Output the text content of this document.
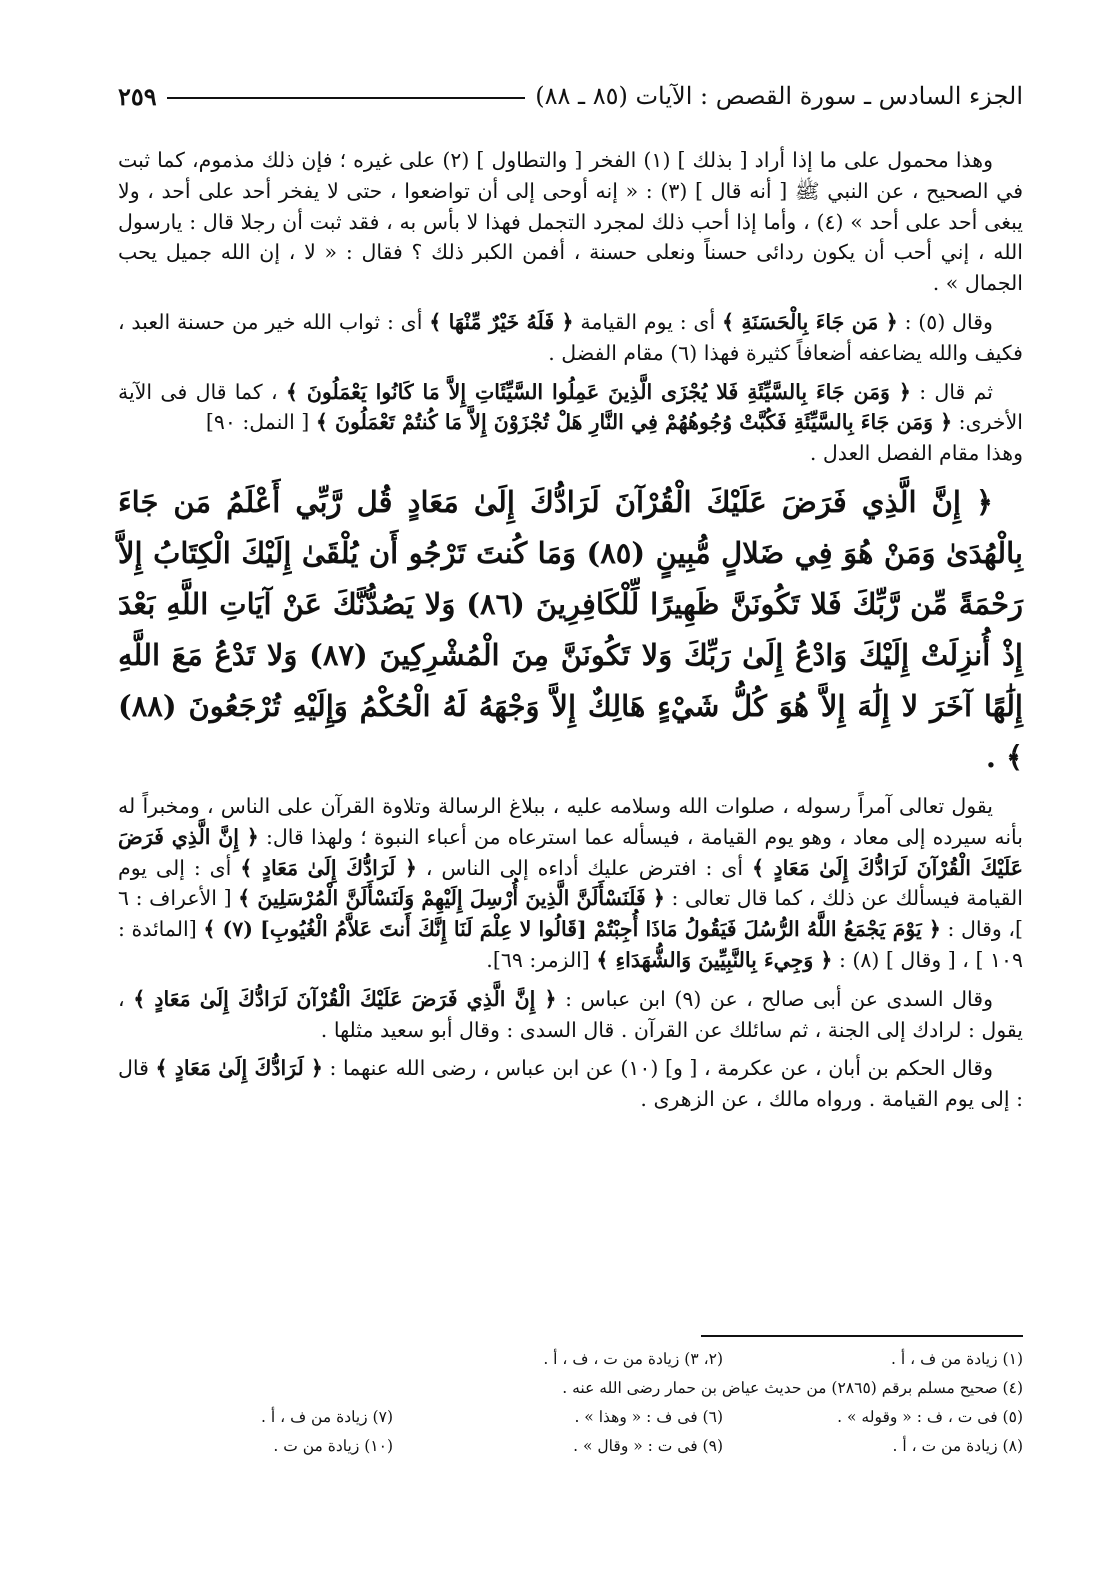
الجزء السادس ـ سورة القصص : الآيات (٨٥ ـ ٨٨)
٢٥٩

وهذا محمول على ما إذا أراد [ بذلك ] (١) الفخر [ والتطاول ] (٢) على غيره ؛ فإن ذلك مذموم، كما ثبت في الصحيح ، عن النبي ﷺ [ أنه قال ] (٣) : « إنه أوحى إلى أن تواضعوا ، حتى لا يفخر أحد على أحد ، ولا يبغى أحد على أحد » (٤) ، وأما إذا أحب ذلك لمجرد التجمل فهذا لا بأس به ، فقد ثبت أن رجلا قال : يارسول الله ، إني أحب أن يكون ردائى حسناً ونعلى حسنة ، أفمن الكبر ذلك ؟ فقال : « لا ، إن الله جميل يحب الجمال » .

وقال (٥) : ﴿ مَن جَاءَ بِالْحَسَنَةِ ﴾ أى : يوم القيامة ﴿ فَلَهُ خَيْرٌ مِّنْهَا ﴾ أى : ثواب الله خير من حسنة العبد ، فكيف والله يضاعفه أضعافاً كثيرة فهذا (٦) مقام الفضل .

ثم قال : ﴿ وَمَن جَاءَ بِالسَّيِّئَةِ فَلا يُجْزَى الَّذِينَ عَمِلُوا السَّيِّئَاتِ إِلاَّ مَا كَانُوا يَعْمَلُونَ ﴾ ، كما قال فى الآية الأخرى: ﴿ وَمَن جَاءَ بِالسَّيِّئَةِ فَكُبَّتْ وُجُوهُهُمْ فِي النَّارِ هَلْ تُجْزَوْنَ إِلاَّ مَا كُنتُمْ تَعْمَلُونَ ﴾ [ النمل: ٩٠]
وهذا مقام الفصل العدل .

﴿ إِنَّ الَّذِي فَرَضَ عَلَيْكَ الْقُرْآنَ لَرَادُّكَ إِلَىٰ مَعَادٍ قُل رَّبِّي أَعْلَمُ مَن جَاءَ بِالْهُدَىٰ وَمَنْ هُوَ فِي ضَلالٍ مُّبِينٍ (٨٥) وَمَا كُنتَ تَرْجُو أَن يُلْقَىٰ إِلَيْكَ الْكِتَابُ إِلاَّ رَحْمَةً مِّن رَّبِّكَ فَلا تَكُونَنَّ ظَهِيرًا لِّلْكَافِرِينَ (٨٦) وَلا يَصُدُّنَّكَ عَنْ آيَاتِ اللَّهِ بَعْدَ إِذْ أُنزِلَتْ إِلَيْكَ وَادْعُ إِلَىٰ رَبِّكَ وَلا تَكُونَنَّ مِنَ الْمُشْرِكِينَ (٨٧) وَلا تَدْعُ مَعَ اللَّهِ إِلَٰهًا آخَرَ لا إِلَٰهَ إِلاَّ هُوَ كُلُّ شَيْءٍ هَالِكٌ إِلاَّ وَجْهَهُ لَهُ الْحُكْمُ وَإِلَيْهِ تُرْجَعُونَ (٨٨) ﴾ .

يقول تعالى آمراً رسوله ، صلوات الله وسلامه عليه ، ببلاغ الرسالة وتلاوة القرآن على الناس ، ومخبراً له بأنه سيرده إلى معاد ، وهو يوم القيامة ، فيسأله عما استرعاه من أعباء النبوة ؛ ولهذا قال: ﴿ إِنَّ الَّذِي فَرَضَ عَلَيْكَ الْقُرْآنَ لَرَادُّكَ إِلَىٰ مَعَادٍ ﴾ أى : افترض عليك أداءه إلى الناس ، ﴿ لَرَادُّكَ إِلَىٰ مَعَادٍ ﴾ أى : إلى يوم القيامة فيسألك عن ذلك ، كما قال تعالى : ﴿ فَلَنَسْأَلَنَّ الَّذِينَ أُرْسِلَ إِلَيْهِمْ وَلَنَسْأَلَنَّ الْمُرْسَلِينَ ﴾ [ الأعراف : ٦ ]، وقال : ﴿ يَوْمَ يَجْمَعُ اللَّهُ الرُّسُلَ فَيَقُولُ مَاذَا أُجِبْتُمْ [قَالُوا لا عِلْمَ لَنَا إِنَّكَ أَنتَ عَلاَّمُ الْغُيُوبِ] (٧) ﴾ [المائدة : ١٠٩ ] ، [ وقال ] (٨) : ﴿ وَجِيءَ بِالنَّبِيِّينَ وَالشُّهَدَاءِ ﴾ [الزمر: ٦٩].

وقال السدى عن أبى صالح ، عن (٩) ابن عباس : ﴿ إِنَّ الَّذِي فَرَضَ عَلَيْكَ الْقُرْآنَ لَرَادُّكَ إِلَىٰ مَعَادٍ ﴾ ، يقول : لرادك إلى الجنة ، ثم سائلك عن القرآن . قال السدى : وقال أبو سعيد مثلها .

وقال الحكم بن أبان ، عن عكرمة ، [ و] (١٠) عن ابن عباس ، رضى الله عنهما : ﴿ لَرَادُّكَ إِلَىٰ مَعَادٍ ﴾ قال : إلى يوم القيامة . ورواه مالك ، عن الزهرى .

(١) زيادة من ف ، أ .
(٢، ٣) زيادة من ت ، ف ، أ .
(٤) صحيح مسلم برقم (٢٨٦٥) من حديث عياض بن حمار رضى الله عنه .
(٥) فى ت ، ف : « وقوله » .
(٦) فى ف : « وهذا » .
(٧) زيادة من ف ، أ .
(٨) زيادة من ت ، أ .
(٩) فى ت : « وقال » .
(١٠) زيادة من ت .
